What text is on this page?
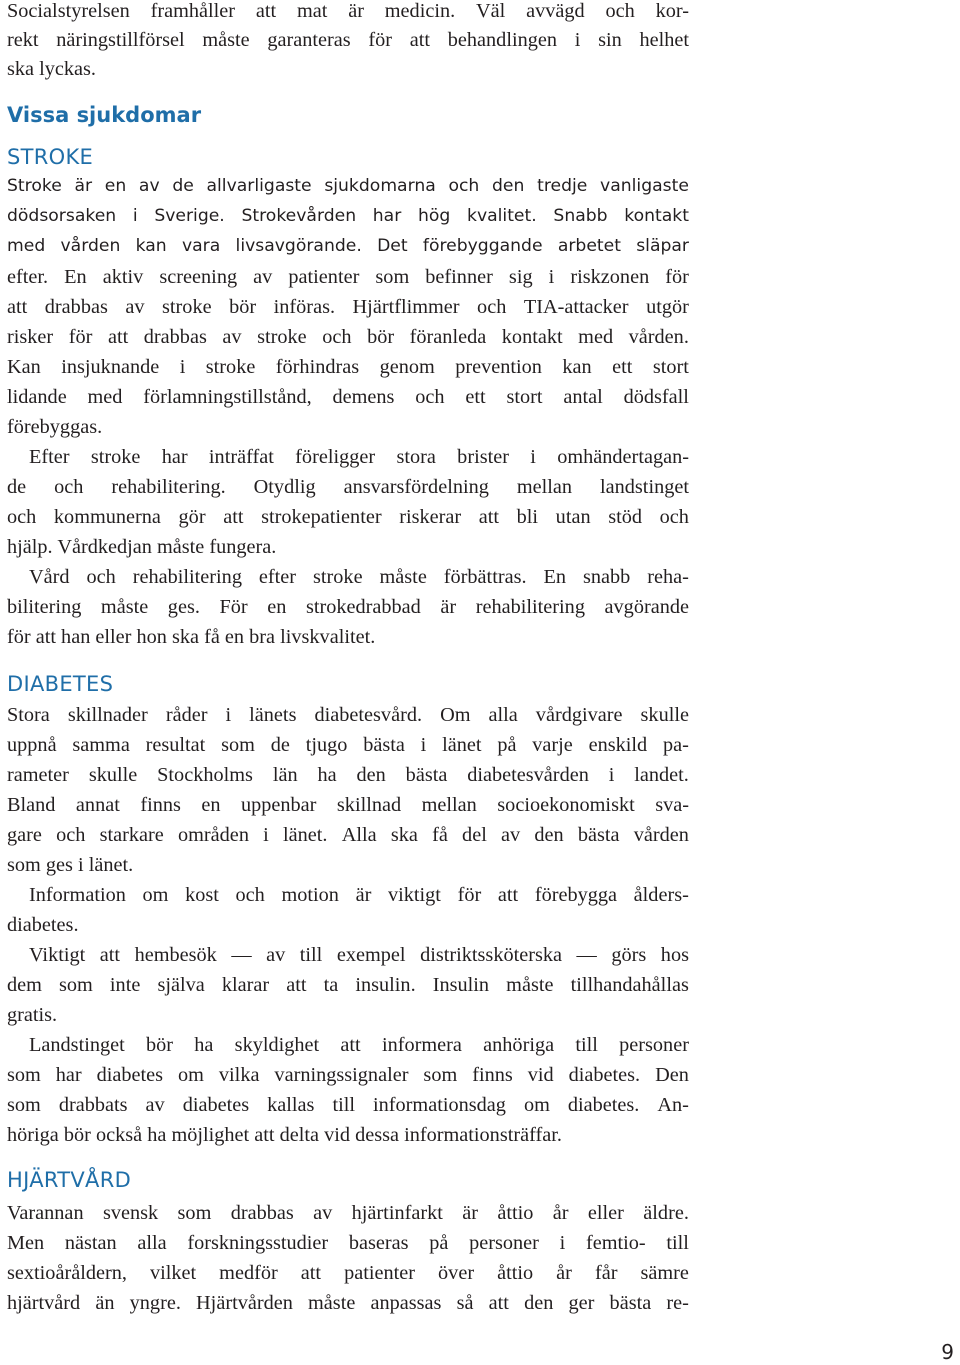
Socialstyrelsen framhåller att mat är medicin. Väl avvägd och kor-
rekt näringstillförsel måste garanteras för att behandlingen i sin helhet
ska lyckas.
Vissa sjukdomar
STROKE
Stroke är en av de allvarligaste sjukdomarna och den tredje vanligaste
dödsorsaken i Sverige. Strokevården har hög kvalitet. Snabb kontakt
med vården kan vara livsavgörande. Det förebyggande arbetet släpar
efter. En aktiv screening av patienter som befinner sig i riskzonen för
att drabbas av stroke bör införas. Hjärtflimmer och TIA-attacker utgör
risker för att drabbas av stroke och bör föranleda kontakt med vården.
Kan insjuknande i stroke förhindras genom prevention kan ett stort
lidande med förlamningstillstånd, demens och ett stort antal dödsfall
förebyggas.
Efter stroke har inträffat föreligger stora brister i omhändertagan-
de och rehabilitering. Otydlig ansvarsfördelning mellan landstinget
och kommunerna gör att strokepatienter riskerar att bli utan stöd och
hjälp. Vårdkedjan måste fungera.
Vård och rehabilitering efter stroke måste förbättras. En snabb reha-
bilitering måste ges. För en strokedrabbad är rehabilitering avgörande
för att han eller hon ska få en bra livskvalitet.
DIABETES
Stora skillnader råder i länets diabetesvård. Om alla vårdgivare skulle
uppnå samma resultat som de tjugo bästa i länet på varje enskild pa-
rameter skulle Stockholms län ha den bästa diabetesvården i landet.
Bland annat finns en uppenbar skillnad mellan socioekonomiskt sva-
gare och starkare områden i länet. Alla ska få del av den bästa vården
som ges i länet.
Information om kost och motion är viktigt för att förebygga ålders-
diabetes.
Viktigt att hembesök — av till exempel distriktssköterska — görs hos
dem som inte själva klarar att ta insulin. Insulin måste tillhandahållas
gratis.
Landstinget bör ha skyldighet att informera anhöriga till personer
som har diabetes om vilka varningssignaler som finns vid diabetes. Den
som drabbats av diabetes kallas till informationsdag om diabetes. An-
höriga bör också ha möjlighet att delta vid dessa informationsträffar.
HJÄRTVÅRD
Varannan svensk som drabbas av hjärtinfarkt är åttio år eller äldre.
Men nästan alla forskningsstudier baseras på personer i femtio- till
sextioåråldern, vilket medför att patienter över åttio år får sämre
hjärtvård än yngre. Hjärtvården måste anpassas så att den ger bästa re-
9
